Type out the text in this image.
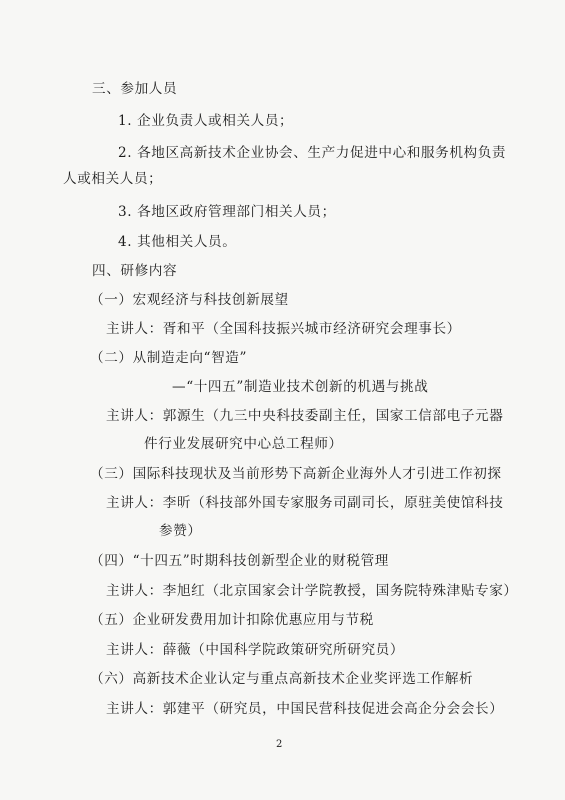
三、参加人员
1. 企业负责人或相关人员；
2. 各地区高新技术企业协会、生产力促进中心和服务机构负责
人或相关人员；
3. 各地区政府管理部门相关人员；
4. 其他相关人员。
四、研修内容
（一）宏观经济与科技创新展望
主讲人：胥和平（全国科技振兴城市经济研究会理事长）
（二）从制造走向“智造”
—“十四五”制造业技术创新的机遇与挑战
主讲人：郭源生（九三中央科技委副主任，国家工信部电子元器
件行业发展研究中心总工程师）
（三）国际科技现状及当前形势下高新企业海外人才引进工作初探
主讲人：李昕（科技部外国专家服务司副司长，原驻美使馆科技
参赞）
（四）“十四五”时期科技创新型企业的财税管理
主讲人：李旭红（北京国家会计学院教授，国务院特殊津贴专家）
（五）企业研发费用加计扣除优惠应用与节税
主讲人：薛薇（中国科学院政策研究所研究员）
（六）高新技术企业认定与重点高新技术企业奖评选工作解析
主讲人：郭建平（研究员，中国民营科技促进会高企分会会长）
2
